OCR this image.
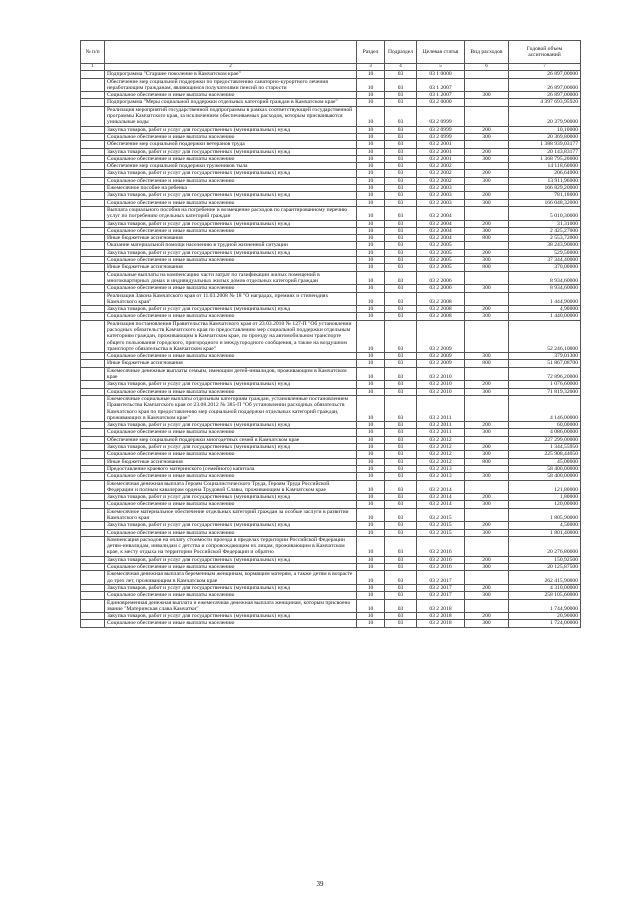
№ п/п		Раздел	Подраздел	Целевая статья	Вид расходов	Годовой объем ассигнований
1	2	3	4	5	6	7
	Подпрограмма "Старшее поколение в Камчатском крае"	10	03	03 1 0000		26 897,00000
	Обеспечение мер социальной поддержки по предоставлению санаторно-курортного лечения неработающим гражданам, являющимся получателями пенсий по старости	10	03	03 1 2007		26 897,00000
	Социальное обеспечение и иные выплаты населению	10	03	03 1 2007	300	26 897,00000
	Подпрограмма "Меры социальной поддержки отдельных категорий граждан в Камчатском крае"	10	03	03 2 0000		4 397 693,95920
	Реализация мероприятий государственной подпрограммы в рамках соответствующей государственной программы Камчатского края, за исключением обеспечиваемых расходов, которым присваиваются уникальные коды	10	03	03 2 0999		20 379,90000
	Закупка товаров, работ и услуг для государственных (муниципальных) нужд	10	03	03 2 0999	200	10,10000
	Социальное обеспечение и иные выплаты населению	10	03	03 2 0999	300	20 369,80000
	Обеспечение мер социальной поддержки ветеранов труда	10	03	03 2 2001		1 388 939,03177
	Закупка товаров, работ и услуг для государственных (муниципальных) нужд	10	03	03 2 2001	200	20 143,83177
	Социальное обеспечение и иные выплаты населению	10	03	03 2 2001	300	1 368 795,20000
	Обеспечение мер социальной поддержки тружеников тыла	10	03	03 2 2002		14 118,60000
	Закупка товаров, работ и услуг для государственных (муниципальных) нужд	10	03	03 2 2002	200	206,64000
	Социальное обеспечение и иные выплаты населению	10	03	03 2 2002	300	13 911,96000
	Ежемесячное пособие на ребенка	10	03	03 2 2003		166 829,20000
	Закупка товаров, работ и услуг для государственных (муниципальных) нужд	10	03	03 2 2003	200	781,18000
	Социальное обеспечение и иные выплаты населению	10	03	03 2 2003	300	166 048,32000
	Выплата социального пособия на погребение и возмещение расходов по гарантированному перечню услуг по погребению отдельных категорий граждан	10	03	03 2 2004		5 010,30000
	Закупка товаров, работ и услуг для государственных (муниципальных) нужд	10	03	03 2 2004	200	31,31000
	Социальное обеспечение и иные выплаты населению	10	03	03 2 2004	300	2 425,27000
	Иные бюджетные ассигнования	10	03	03 2 2004	800	2 553,72000
	Оказание материальной помощи населению в трудной жизненной ситуации	10	03	03 2 2005		38 243,90000
	Закупка товаров, работ и услуг для государственных (муниципальных) нужд	10	03	03 2 2005	200	529,50000
	Социальное обеспечение и иные выплаты населению	10	03	03 2 2005	300	37 344,40000
	Иные бюджетные ассигнования	10	03	03 2 2005	800	370,00000
	Социальные выплаты на компенсацию части затрат по газификации жилых помещений в многоквартирных домах и индивидуальных жилых домов отдельных категорий граждан	10	03	03 2 2006		8 934,60000
	Социальное обеспечение и иные выплаты населению	10	03	03 2 2006	300	8 934,60000
	Реализация Закона Камчатского края от 11.03.2008 № 18 "О наградах, премиях и стипендиях Камчатского края"	10	03	03 2 2008		1 444,90000
	Закупка товаров, работ и услуг для государственных (муниципальных) нужд	10	03	03 2 2008	200	4,90000
	Социальное обеспечение и иные выплаты населению	10	03	03 2 2008	300	1 440,00000
	Реализация постановления Правительства Камчатского края от 23.03.2010 № 127-П "Об установлении расходных обязательств Камчатского края по предоставлению мер социальной поддержки отдельным категориям граждан, проживающим в Камчатском крае, по проезду на автомобильном транспорте общего пользования городского, пригородного и междугородного сообщения, а также на воздушном транспорте обязательства в Камчатском крае"	10	03	03 2 2009		52 246,10000
	Социальное обеспечение и иные выплаты населению	10	03	03 2 2009	300	379,01300
	Иные бюджетные ассигнования	10	03	03 2 2009	800	51 867,08700
	Ежемесячные денежные выплаты семьям, имеющим детей-инвалидов, проживающим в Камчатском крае	10	03	03 2 2010		72 896,20000
	Закупка товаров, работ и услуг для государственных (муниципальных) нужд	10	03	03 2 2010	200	1 076,60000
	Социальное обеспечение и иные выплаты населению	10	03	03 2 2010	300	71 819,32000
	Ежемесячные социальные выплаты отдельным категориям граждан, установленные постановлением Правительства Камчатского края от 23.08.2012 № 385-П "Об установлении расходных обязательств Камчатского края по предоставлению мер социальной поддержки отдельных категорий граждан, проживающих в Камчатском крае"	10	03	03 2 2011		4 146,00000
	Закупка товаров, работ и услуг для государственных (муниципальных) нужд	10	03	03 2 2011	200	60,00000
	Социальное обеспечение и иные выплаты населению	10	03	03 2 2011	300	4 086,00000
	Обеспечение мер социальной поддержки многодетных семей в Камчатском крае	10	03	03 2 2012		227 299,00000
	Закупка товаров, работ и услуг для государственных (муниципальных) нужд	10	03	03 2 2012	200	1 344,55950
	Социальное обеспечение и иные выплаты населению	10	03	03 2 2012	300	225 908,44050
	Иные бюджетные ассигнования	10	03	03 2 2012	800	45,00000
	Предоставление краевого материнского (семейного) капитала	10	03	03 2 2013		58 400,00000
	Социальное обеспечение и иные выплаты населению	10	03	03 2 2013	300	58 400,00000
	Ежемесячная денежная выплата Героям Социалистического Труда, Героям Труда Российской Федерации и полным кавалерам ордена Трудовой Славы, проживающим в Камчатском крае	10	03	03 2 2014		121,80000
	Закупка товаров, работ и услуг для государственных (муниципальных) нужд	10	03	03 2 2014	200	1,80000
	Социальное обеспечение и иные выплаты населению	10	03	03 2 2014	300	120,00000
	Ежемесячное материальное обеспечение отдельных категорий граждан за особые заслуги в развитии Камчатского края	10	03	03 2 2015		1 805,90000
	Закупка товаров, работ и услуг для государственных (муниципальных) нужд	10	03	03 2 2015	200	4,50000
	Социальное обеспечение и иные выплаты населению	10	03	03 2 2015	300	1 801,40000
	Компенсация расходов на оплату стоимости проезда в пределах территории Российской Федерации детям-инвалидам, инвалидам с детства и сопровождающим их лицам, проживающим в Камчатском крае, к месту отдыха на территории Российской Федерации и обратно	10	03	03 2 2016		20 276,80000
	Закупка товаров, работ и услуг для государственных (муниципальных) нужд	10	03	03 2 2016	200	150,92500
	Социальное обеспечение и иные выплаты населению	10	03	03 2 2016	300	20 125,87500
	Ежемесячная денежная выплата беременным женщинам, кормящим матерям, а также детям в возрасте до трех лет, проживающим в Камчатском крае	10	03	03 2 2017		262 415,90000
	Закупка товаров, работ и услуг для государственных (муниципальных) нужд	10	03	03 2 2017	200	4 310,00000
	Социальное обеспечение и иные выплаты населению	10	03	03 2 2017	300	258 105,60000
	Единовременная денежная выплата и ежемесячная денежная выплата женщинам, которым присвоено звание "Материнская слава Камчатки"	10	03	03 2 2018		1 744,90000
	Закупка товаров, работ и услуг для государственных (муниципальных) нужд	10	03	03 2 2018	200	20,90000
	Социальное обеспечение и иные выплаты населению	10	03	03 2 2018	300	1 724,00000
39
